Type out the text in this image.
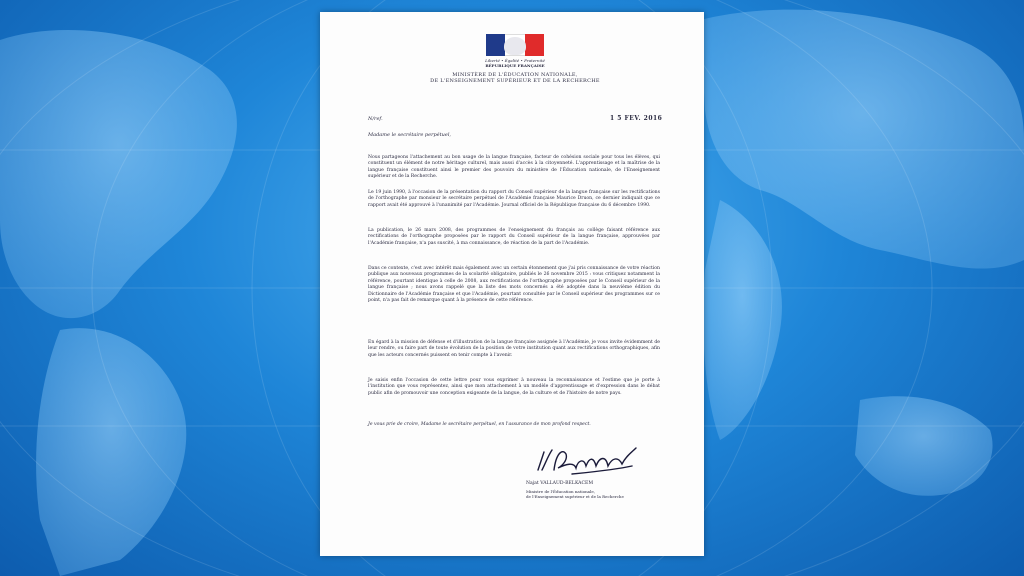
Liberté • Égalité • Fraternité
RÉPUBLIQUE FRANÇAISE
MINISTÈRE DE L'ÉDUCATION NATIONALE,
DE L'ENSEIGNEMENT SUPÉRIEUR ET DE LA RECHERCHE
N/ref.	1 5 FEV. 2016
Madame le secrétaire perpétuel,
Nous partageons l'attachement au bon usage de la langue française, facteur de cohésion sociale pour tous les élèves, qui constituent un élément de notre héritage culturel, mais aussi d'accès à la citoyenneté. L'apprentissage et la maîtrise de la langue française constituent ainsi le premier des pouvoirs du ministère de l'Éducation nationale, de l'Enseignement supérieur et de la Recherche.
Le 19 juin 1990, à l'occasion de la présentation du rapport du Conseil supérieur de la langue française sur les rectifications de l'orthographe par monsieur le secrétaire perpétuel de l'Académie française Maurice Druon, ce dernier indiquait que ce rapport avait été approuvé à l'unanimité par l'Académie. Journal officiel de la République française du 6 décembre 1990.
La publication, le 26 mars 2008, des programmes de l'enseignement du français au collège faisant référence aux rectifications de l'orthographe proposées par le rapport du Conseil supérieur de la langue française, approuvées par l'Académie française, n'a pas suscité, à ma connaissance, de réaction de la part de l'Académie.
Dans ce contexte, c'est avec intérêt mais également avec un certain étonnement que j'ai pris connaissance de votre réaction publique aux nouveaux programmes de la scolarité obligatoire, publiés le 26 novembre 2015 : vous critiquez notamment la référence, pourtant identique à celle de 2008, aux rectifications de l'orthographe proposées par le Conseil supérieur de la langue française ; nous avons rappelé que la liste des mots concernés a été adoptée dans la neuvième édition du Dictionnaire de l'Académie française et que l'Académie, pourtant consultée par le Conseil supérieur des programmes sur ce point, n'a pas fait de remarque quant à la présence de cette référence.
En égard à la mission de défense et d'illustration de la langue française assignée à l'Académie, je vous invite évidemment de leur rendre, ou faire part de toute évolution de la position de votre institution quant aux rectifications orthographiques, afin que les acteurs concernés puissent en tenir compte à l'avenir.
Je saisis enfin l'occasion de cette lettre pour vous exprimer à nouveau la reconnaissance et l'estime que je porte à l'institution que vous représentez, ainsi que mon attachement à un modèle d'apprentissage et d'expression dans le débat public afin de promouvoir une conception exigeante de la langue, de la culture et de l'histoire de notre pays.
Je vous prie de croire, Madame le secrétaire perpétuel, en l'assurance de mon profond respect.
Najat VALLAUD-BELKACEM
Ministre de l'Éducation nationale,
de l'Enseignement supérieur et de la Recherche
